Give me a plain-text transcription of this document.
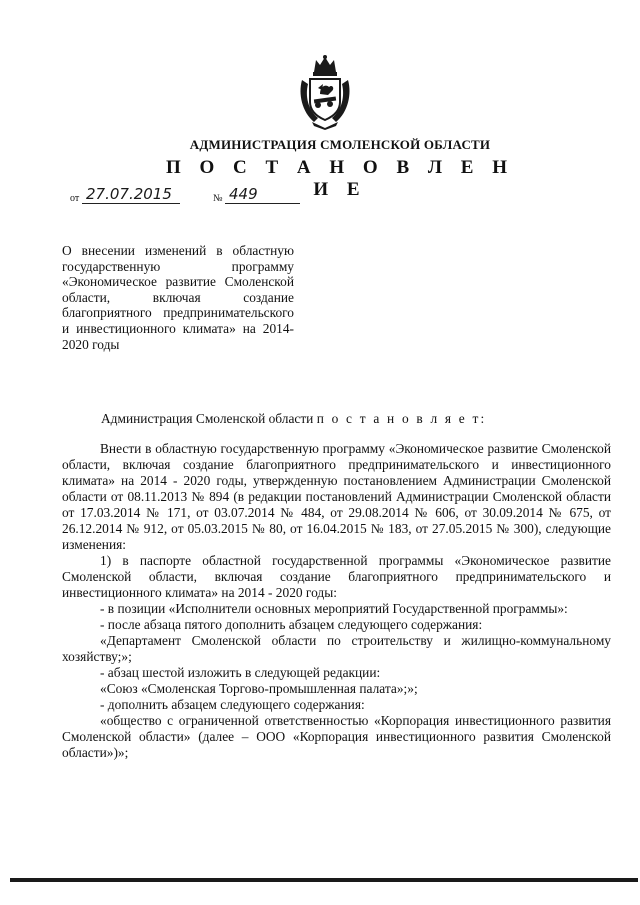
АДМИНИСТРАЦИЯ СМОЛЕНСКОЙ ОБЛАСТИ
П О С Т А Н О В Л Е Н И Е
от 27.07.2015	№ 449

О внесении изменений в областную государственную программу «Экономическое развитие Смоленской области, включая создание благоприятного предпринимательского и инвестиционного климата» на 2014-2020 годы

Администрация Смоленской области п о с т а н о в л я е т:

Внести в областную государственную программу «Экономическое развитие Смоленской области, включая создание благоприятного предпринимательского и инвестиционного климата» на 2014 - 2020 годы, утвержденную постановлением Администрации Смоленской области от 08.11.2013 № 894 (в редакции постановлений Администрации Смоленской области от 17.03.2014 № 171, от 03.07.2014 № 484, от 29.08.2014 № 606, от 30.09.2014 № 675, от 26.12.2014 № 912, от 05.03.2015 № 80, от 16.04.2015 № 183, от 27.05.2015 № 300), следующие изменения:

1) в паспорте областной государственной программы «Экономическое развитие Смоленской области, включая создание благоприятного предпринимательского и инвестиционного климата» на 2014 - 2020 годы:

- в позиции «Исполнители основных мероприятий Государственной программы»:

- после абзаца пятого дополнить абзацем следующего содержания:

«Департамент Смоленской области по строительству и жилищно-коммунальному хозяйству;»;

- абзац шестой изложить в следующей редакции:

«Союз «Смоленская Торгово-промышленная палата»;»;

- дополнить абзацем следующего содержания:

«общество с ограниченной ответственностью «Корпорация инвестиционного развития Смоленской области» (далее – ООО «Корпорация инвестиционного развития Смоленской области»)»;
